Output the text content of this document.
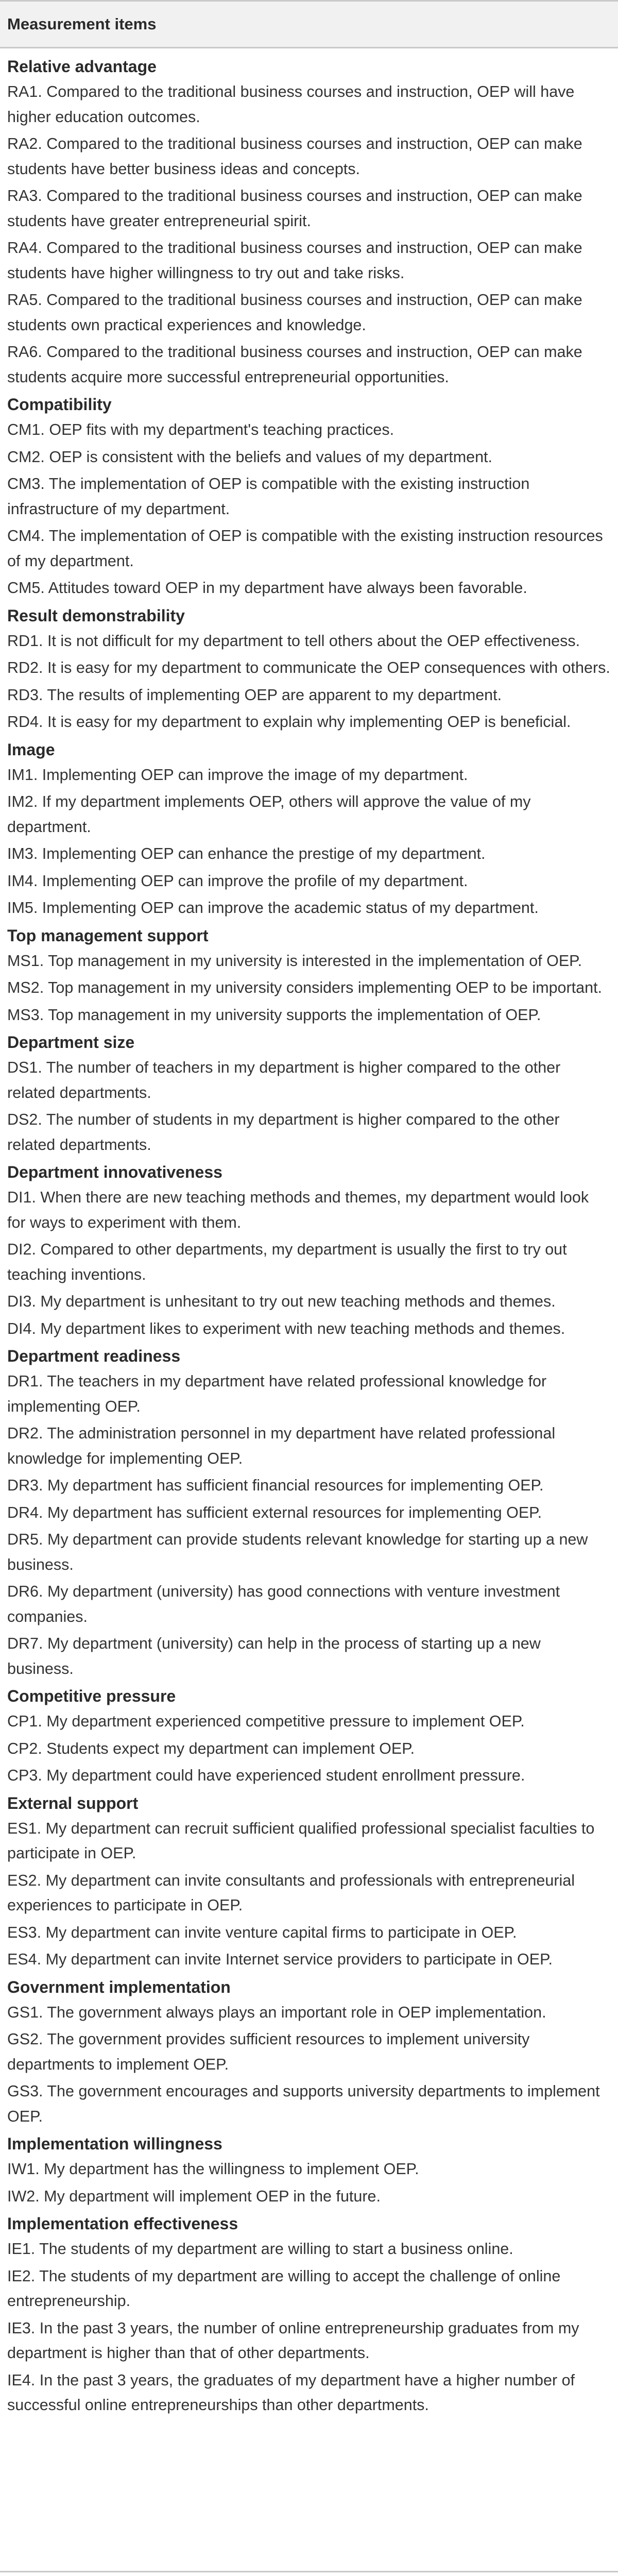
Measurement items
Relative advantage
RA1. Compared to the traditional business courses and instruction, OEP will have higher education outcomes.
RA2. Compared to the traditional business courses and instruction, OEP can make students have better business ideas and concepts.
RA3. Compared to the traditional business courses and instruction, OEP can make students have greater entrepreneurial spirit.
RA4. Compared to the traditional business courses and instruction, OEP can make students have higher willingness to try out and take risks.
RA5. Compared to the traditional business courses and instruction, OEP can make students own practical experiences and knowledge.
RA6. Compared to the traditional business courses and instruction, OEP can make students acquire more successful entrepreneurial opportunities.
Compatibility
CM1. OEP fits with my department's teaching practices.
CM2. OEP is consistent with the beliefs and values of my department.
CM3. The implementation of OEP is compatible with the existing instruction infrastructure of my department.
CM4. The implementation of OEP is compatible with the existing instruction resources of my department.
CM5. Attitudes toward OEP in my department have always been favorable.
Result demonstrability
RD1. It is not difficult for my department to tell others about the OEP effectiveness.
RD2. It is easy for my department to communicate the OEP consequences with others.
RD3. The results of implementing OEP are apparent to my department.
RD4. It is easy for my department to explain why implementing OEP is beneficial.
Image
IM1. Implementing OEP can improve the image of my department.
IM2. If my department implements OEP, others will approve the value of my department.
IM3. Implementing OEP can enhance the prestige of my department.
IM4. Implementing OEP can improve the profile of my department.
IM5. Implementing OEP can improve the academic status of my department.
Top management support
MS1. Top management in my university is interested in the implementation of OEP.
MS2. Top management in my university considers implementing OEP to be important.
MS3. Top management in my university supports the implementation of OEP.
Department size
DS1. The number of teachers in my department is higher compared to the other related departments.
DS2. The number of students in my department is higher compared to the other related departments.
Department innovativeness
DI1. When there are new teaching methods and themes, my department would look for ways to experiment with them.
DI2. Compared to other departments, my department is usually the first to try out teaching inventions.
DI3. My department is unhesitant to try out new teaching methods and themes.
DI4. My department likes to experiment with new teaching methods and themes.
Department readiness
DR1. The teachers in my department have related professional knowledge for implementing OEP.
DR2. The administration personnel in my department have related professional knowledge for implementing OEP.
DR3. My department has sufficient financial resources for implementing OEP.
DR4. My department has sufficient external resources for implementing OEP.
DR5. My department can provide students relevant knowledge for starting up a new business.
DR6. My department (university) has good connections with venture investment companies.
DR7. My department (university) can help in the process of starting up a new business.
Competitive pressure
CP1. My department experienced competitive pressure to implement OEP.
CP2. Students expect my department can implement OEP.
CP3. My department could have experienced student enrollment pressure.
External support
ES1. My department can recruit sufficient qualified professional specialist faculties to participate in OEP.
ES2. My department can invite consultants and professionals with entrepreneurial experiences to participate in OEP.
ES3. My department can invite venture capital firms to participate in OEP.
ES4. My department can invite Internet service providers to participate in OEP.
Government implementation
GS1. The government always plays an important role in OEP implementation.
GS2. The government provides sufficient resources to implement university departments to implement OEP.
GS3. The government encourages and supports university departments to implement OEP.
Implementation willingness
IW1. My department has the willingness to implement OEP.
IW2. My department will implement OEP in the future.
Implementation effectiveness
IE1. The students of my department are willing to start a business online.
IE2. The students of my department are willing to accept the challenge of online entrepreneurship.
IE3. In the past 3 years, the number of online entrepreneurship graduates from my department is higher than that of other departments.
IE4. In the past 3 years, the graduates of my department have a higher number of successful online entrepreneurships than other departments.
